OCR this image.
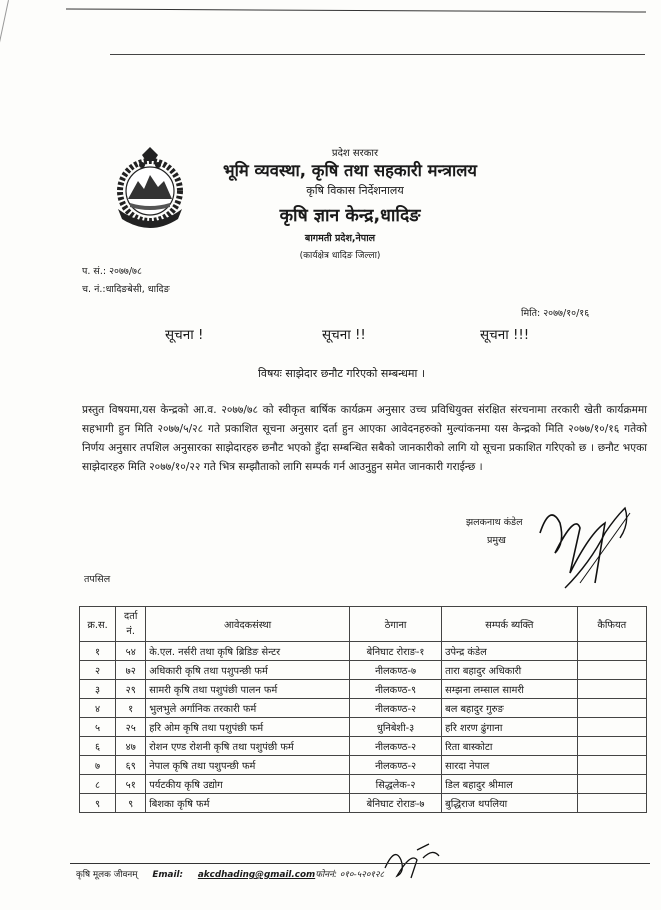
प्रदेश सरकार
भूमि व्यवस्था, कृषि तथा सहकारी मन्त्रालय
कृषि विकास निर्देशनालय
कृषि ज्ञान केन्द्र,धादिङ
बागमती प्रदेश,नेपाल
(कार्यक्षेत्र धादिङ जिल्ला)
प. सं.: २०७७/७८
च. नं.:धादिङबेसी, धादिङ
मिति: २०७७/१०/१६
सूचना !	सूचना !!	सूचना !!!
विषयः साझेदार छनौट गरिएको सम्बन्धमा ।
प्रस्तुत विषयमा,यस केन्द्रको आ.व. २०७७/७८ को स्वीकृत बार्षिक कार्यक्रम अनुसार उच्च प्रविधियुक्त संरक्षित संरचनामा तरकारी खेती कार्यक्रममा सहभागी हुन मिति २०७७/५/२८ गते प्रकाशित सूचना अनुसार दर्ता हुन आएका आवेदनहरुको मुल्यांकनमा यस केन्द्रको मिति २०७७/१०/१६ गतेको निर्णय अनुसार तपशिल अनुसारका साझेदारहरु छनौट भएको हुँदा सम्बन्धित सबैको जानकारीको लागि यो सूचना प्रकाशित गरिएको छ । छनौट भएका साझेदारहरु मिति २०७७/१०/२२ गते भित्र सम्झौताको लागि सम्पर्क गर्न आउनुहुन समेत जानकारी गराईन्छ ।
झलकनाथ कंडेल
प्रमुख
तपसिल
क्र.स.	दर्ता नं.	आवेदकसंस्था	ठेगाना	सम्पर्क ब्यक्ति	कैफियत
१	५४	के.एल. नर्सरी तथा कृषि ब्रिडिङ सेन्टर	बेनिघाट रोराङ-१	उपेन्द्र कंडेल	
२	७२	अधिकारी कृषि तथा पशुपन्छी फर्म	नीलकण्ठ-७	तारा बहादुर अधिकारी	
३	२९	सामरी कृषि तथा पशुपंछी पालन फर्म	नीलकण्ठ-९	सम्झना लम्साल सामरी	
४	१	भुलभुले अर्गानिक तरकारी फर्म	नीलकण्ठ-२	बल बहादुर गुरुङ	
५	२५	हरि ओम कृषि तथा पशुपंछी फर्म	धुनिबेशी-३	हरि शरण ढुंगाना	
६	४७	रोशन एण्ड रोशनी कृषि तथा पशुपंछी फर्म	नीलकण्ठ-२	रिता बास्कोटा	
७	६९	नेपाल कृषि तथा पशुपन्छी फर्म	नीलकण्ठ-२	सारदा नेपाल	
८	५१	पर्यटकीय कृषि उद्योग	सिद्धलेक-२	डिल बहादुर श्रीमाल	
९	९	बिशका कृषि फर्म	बेनिघाट रोराङ-७	बुद्धिराज थपलिया	
कृषि मूलक जीवनम् Email: akcdhading@gmail.comफोननं: ०१०-५२०१२८
